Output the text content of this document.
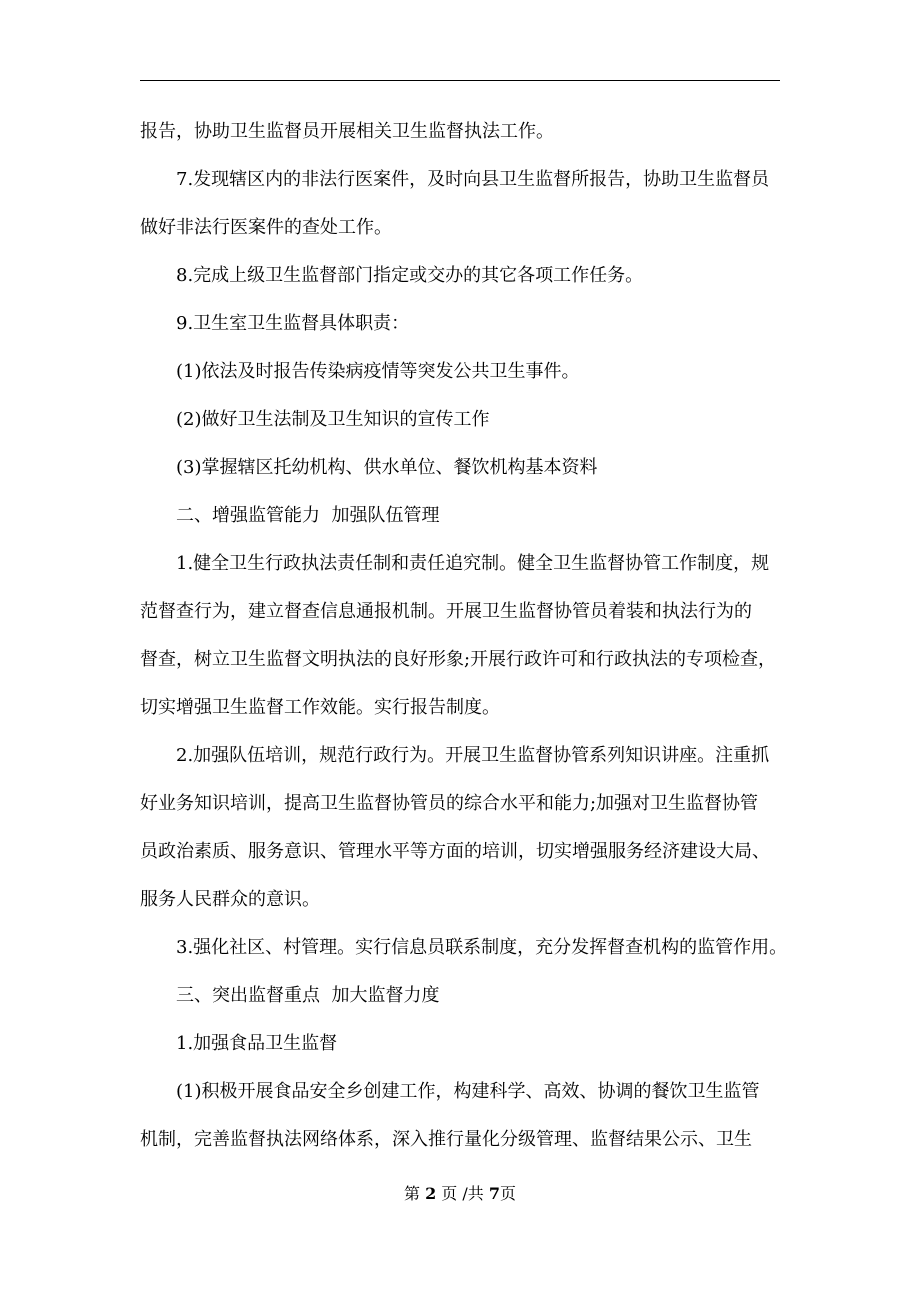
报告，协助卫生监督员开展相关卫生监督执法工作。
7.发现辖区内的非法行医案件，及时向县卫生监督所报告，协助卫生监督员
做好非法行医案件的查处工作。
8.完成上级卫生监督部门指定或交办的其它各项工作任务。
9.卫生室卫生监督具体职责：
(1)依法及时报告传染病疫情等突发公共卫生事件。
(2)做好卫生法制及卫生知识的宣传工作
(3)掌握辖区托幼机构、供水单位、餐饮机构基本资料
二、增强监管能力  加强队伍管理
1.健全卫生行政执法责任制和责任追究制。健全卫生监督协管工作制度，规
范督查行为，建立督查信息通报机制。开展卫生监督协管员着装和执法行为的
督查，树立卫生监督文明执法的良好形象;开展行政许可和行政执法的专项检查，
切实增强卫生监督工作效能。实行报告制度。
2.加强队伍培训，规范行政行为。开展卫生监督协管系列知识讲座。注重抓
好业务知识培训，提高卫生监督协管员的综合水平和能力;加强对卫生监督协管
员政治素质、服务意识、管理水平等方面的培训，切实增强服务经济建设大局、
服务人民群众的意识。
3.强化社区、村管理。实行信息员联系制度，充分发挥督查机构的监管作用。
三、突出监督重点  加大监督力度
1.加强食品卫生监督
(1)积极开展食品安全乡创建工作，构建科学、高效、协调的餐饮卫生监管
机制，完善监督执法网络体系，深入推行量化分级管理、监督结果公示、卫生
第 2 页 /共 7页
